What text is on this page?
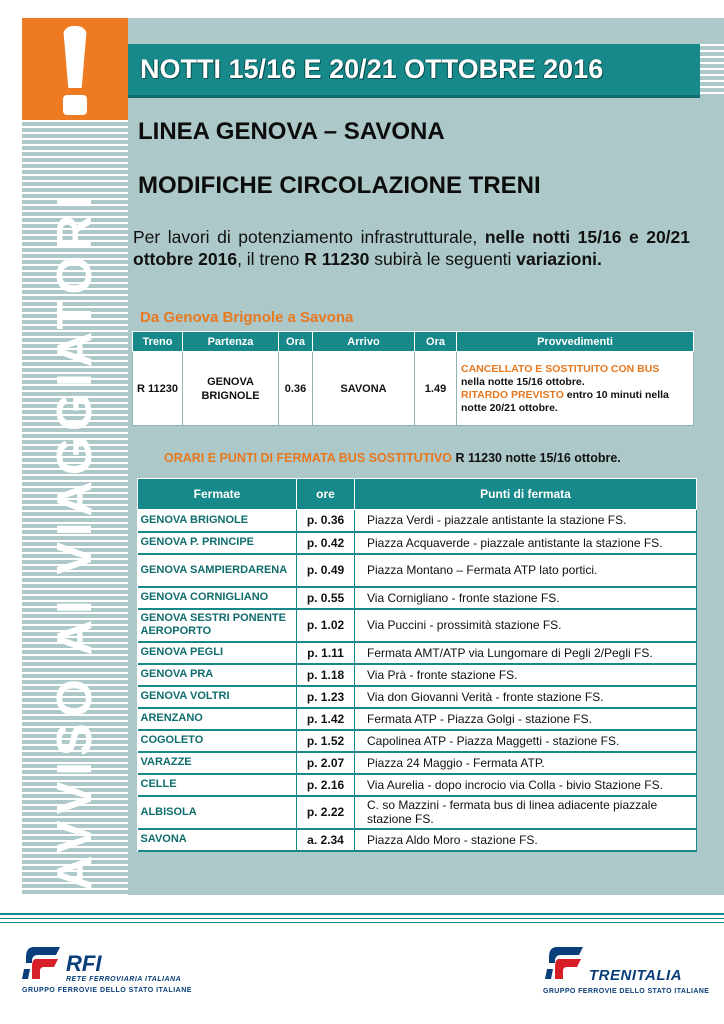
AVVISO AI VIAGGIATORI
NOTTI 15/16 E 20/21 OTTOBRE 2016
LINEA GENOVA – SAVONA
MODIFICHE CIRCOLAZIONE TRENI

Per lavori di potenziamento infrastrutturale, nelle notti 15/16 e 20/21 ottobre 2016, il treno R 11230 subirà le seguenti variazioni.

Da Genova Brignole a Savona
Treno	Partenza	Ora	Arrivo	Ora	Provvedimenti
R 11230	GENOVA BRIGNOLE	0.36	SAVONA	1.49	CANCELLATO E SOSTITUITO CON BUS
nella notte 15/16 ottobre.
RITARDO PREVISTO entro 10 minuti nella notte 20/21 ottobre.
ORARI E PUNTI DI FERMATA BUS SOSTITUTIVO R 11230 notte 15/16 ottobre.
Fermate	ore	Punti di fermata
GENOVA BRIGNOLE	p. 0.36	Piazza Verdi - piazzale antistante la stazione FS.
GENOVA P. PRINCIPE	p. 0.42	Piazza Acquaverde - piazzale antistante la stazione FS.
GENOVA SAMPIERDARENA	p. 0.49	Piazza Montano – Fermata ATP lato portici.
GENOVA CORNIGLIANO	p. 0.55	Via Cornigliano - fronte stazione FS.
GENOVA SESTRI PONENTE AEROPORTO	p. 1.02	Via Puccini - prossimità stazione FS.
GENOVA PEGLI	p. 1.11	Fermata AMT/ATP via Lungomare di Pegli 2/Pegli FS.
GENOVA PRA	p. 1.18	Via Prà - fronte stazione FS.
GENOVA VOLTRI	p. 1.23	Via don Giovanni Verità - fronte stazione FS.
ARENZANO	p. 1.42	Fermata ATP - Piazza Golgi - stazione FS.
COGOLETO	p. 1.52	Capolinea ATP - Piazza Maggetti - stazione FS.
VARAZZE	p. 2.07	Piazza 24 Maggio - Fermata ATP.
CELLE	p. 2.16	Via Aurelia - dopo incrocio via Colla - bivio Stazione FS.
ALBISOLA	p. 2.22	C. so Mazzini - fermata bus di linea adiacente piazzale stazione FS.
SAVONA	a. 2.34	Piazza Aldo Moro - stazione FS.
RFI
RETE FERROVIARIA ITALIANA
GRUPPO FERROVIE DELLO STATO ITALIANE
TRENITALIA
GRUPPO FERROVIE DELLO STATO ITALIANE
